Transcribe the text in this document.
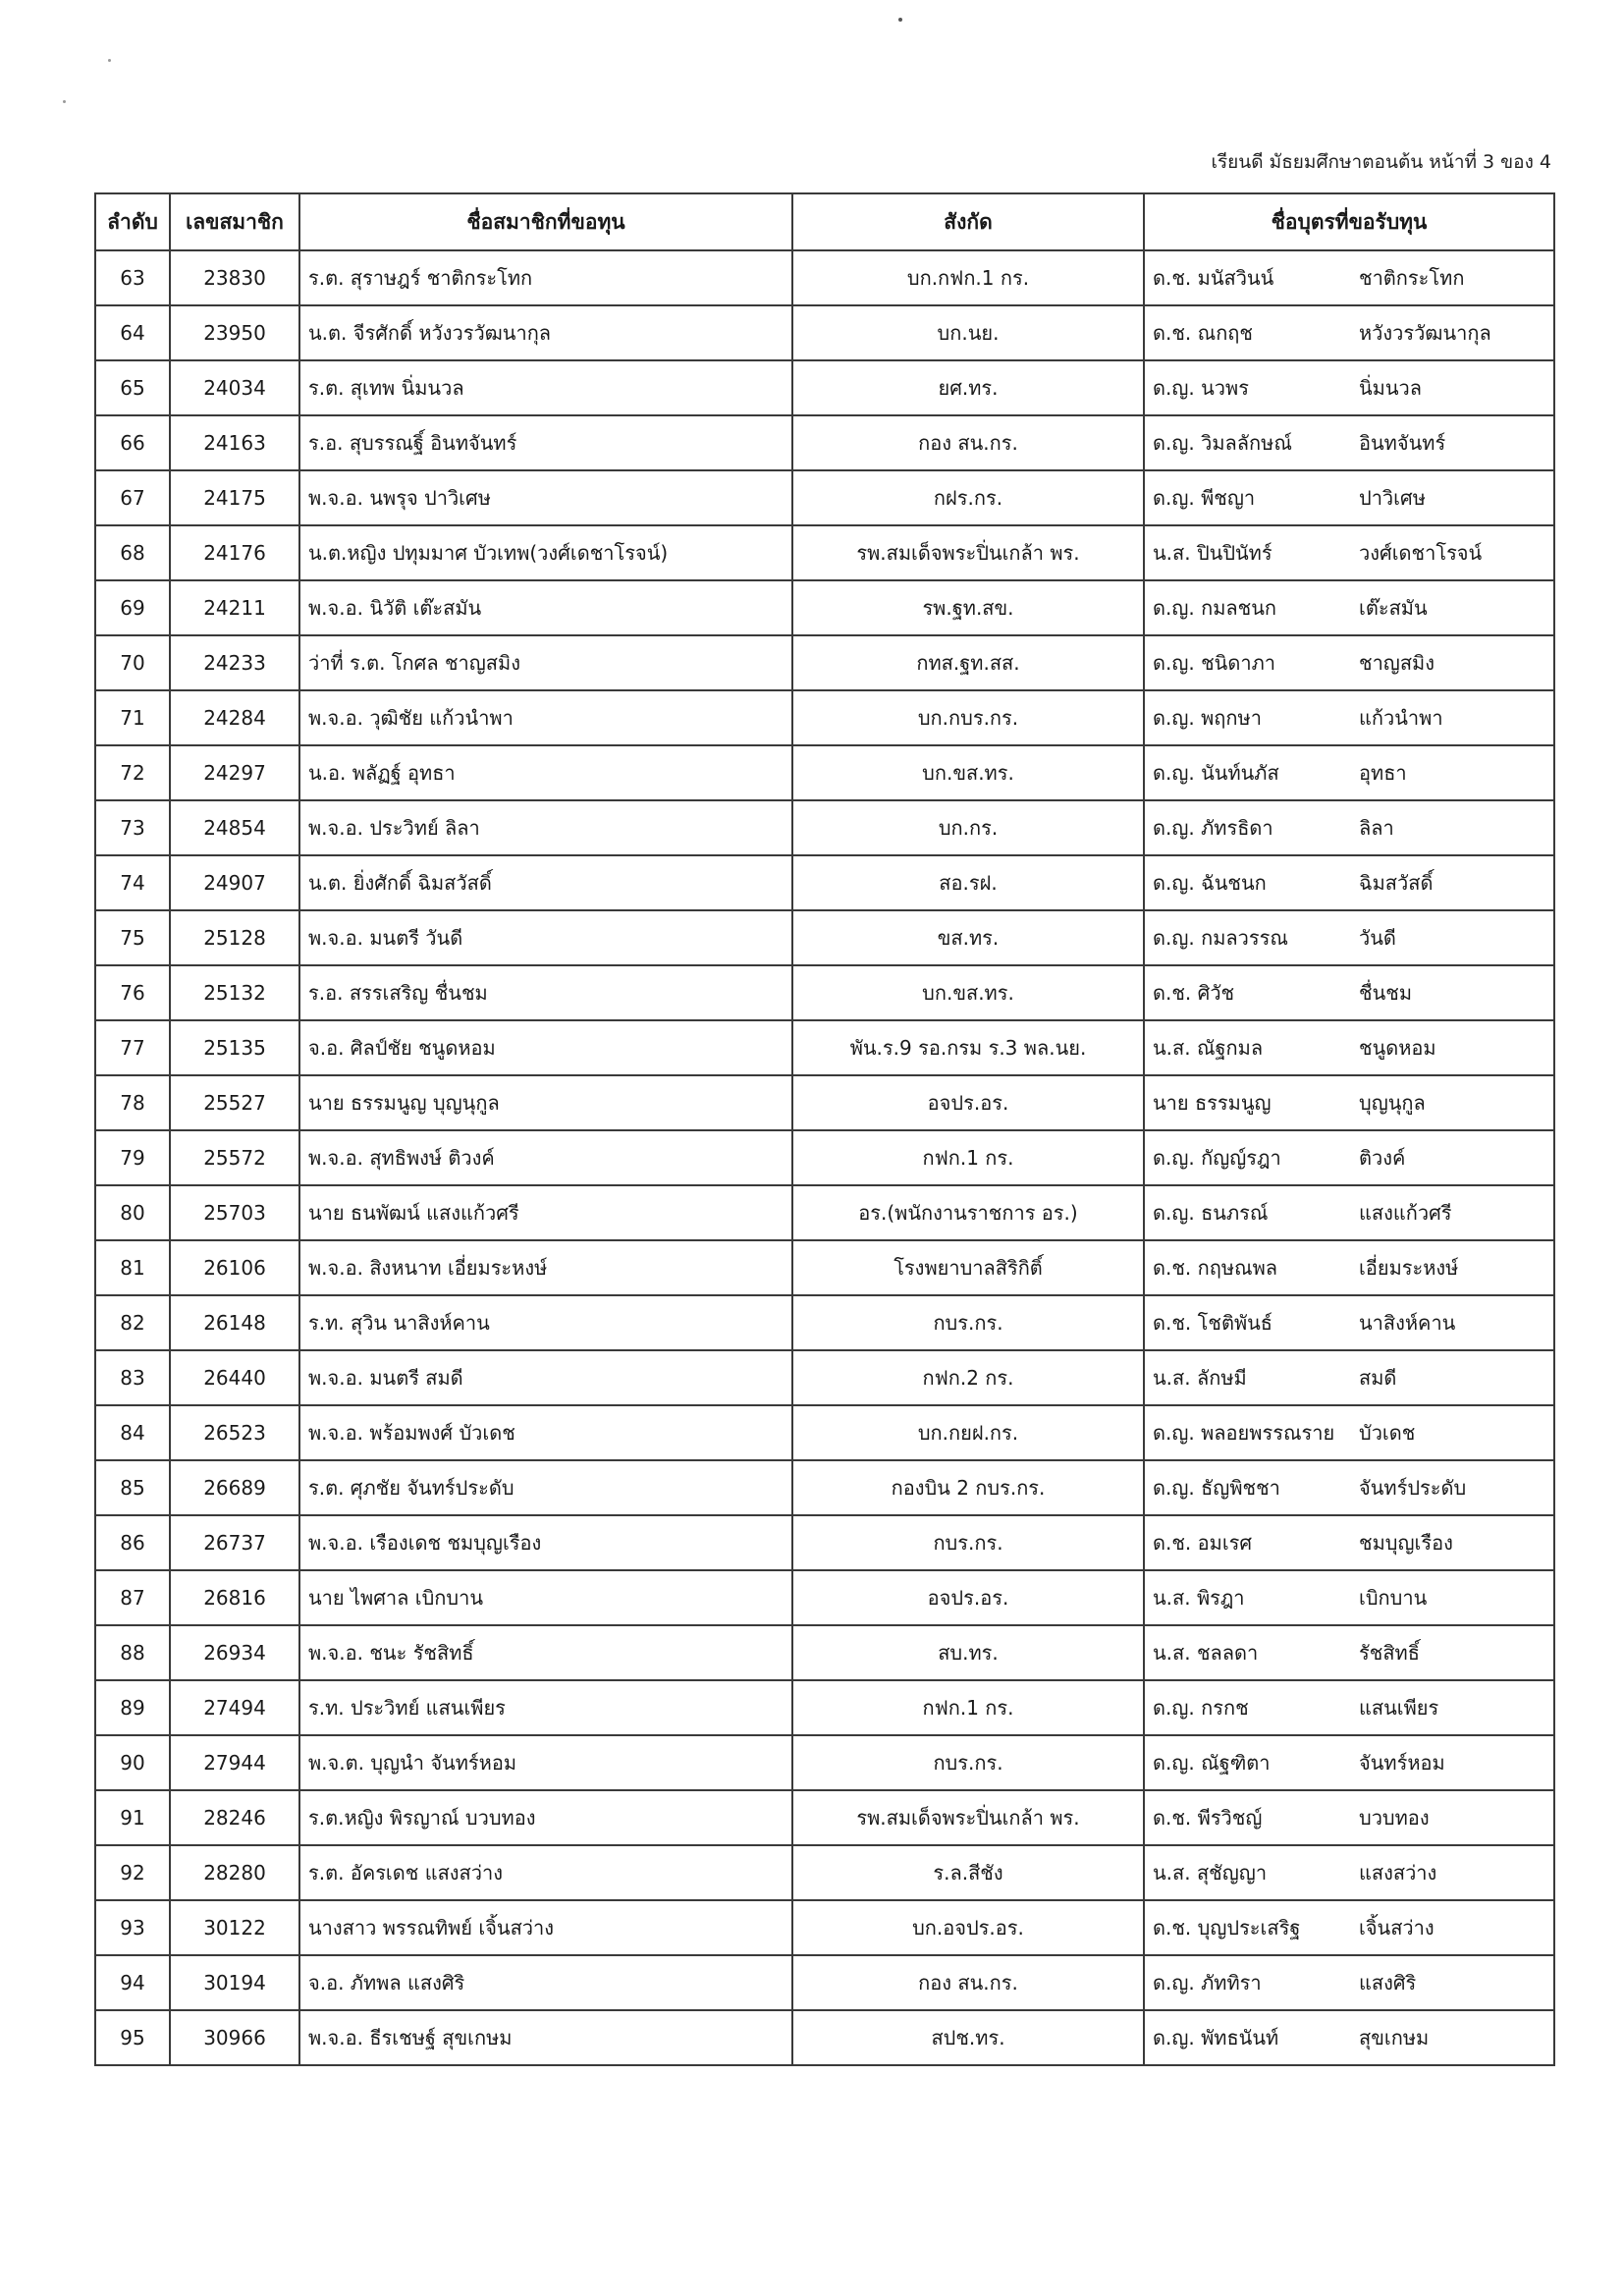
เรียนดี มัธยมศึกษาตอนต้น หน้าที่ 3 ของ 4
ลำดับ	เลขสมาชิก	ชื่อสมาชิกที่ขอทุน	สังกัด	ชื่อบุตรที่ขอรับทุน
63	23830	ร.ต. สุราษฎร์ ชาติกระโทก	บก.กฟก.1 กร.	ด.ช. มนัสวินน์ ชาติกระโทก

64	23950	น.ต. จีรศักดิ์ หวังวรวัฒนากุล	บก.นย.	ด.ช. ณกฤช หวังวรวัฒนากุล

65	24034	ร.ต. สุเทพ นิ่มนวล	ยศ.ทร.	ด.ญ. นวพร นิ่มนวล

66	24163	ร.อ. สุบรรณฐิ์ อินทจันทร์	กอง สน.กร.	ด.ญ. วิมลลักษณ์ อินทจันทร์

67	24175	พ.จ.อ. นพรุจ ปาวิเศษ	กฝร.กร.	ด.ญ. พีชญา ปาวิเศษ

68	24176	น.ต.หญิง ปทุมมาศ บัวเทพ(วงศ์เดชาโรจน์)	รพ.สมเด็จพระปิ่นเกล้า พร.	น.ส. ปินปินัทร์ วงศ์เดชาโรจน์

69	24211	พ.จ.อ. นิวัติ เต๊ะสมัน	รพ.ฐท.สข.	ด.ญ. กมลชนก เต๊ะสมัน

70	24233	ว่าที่ ร.ต. โกศล ชาญสมิง	กทส.ฐท.สส.	ด.ญ. ชนิดาภา ชาญสมิง

71	24284	พ.จ.อ. วุฒิชัย แก้วนำพา	บก.กบร.กร.	ด.ญ. พฤกษา แก้วนำพา

72	24297	น.อ. พลัฏฐ์ อุทธา	บก.ขส.ทร.	ด.ญ. นันท์นภัส อุทธา

73	24854	พ.จ.อ. ประวิทย์ ลิลา	บก.กร.	ด.ญ. ภัทรธิดา ลิลา

74	24907	น.ต. ยิ่งศักดิ์ ฉิมสวัสดิ์	สอ.รฝ.	ด.ญ. ฉันชนก ฉิมสวัสดิ์

75	25128	พ.จ.อ. มนตรี วันดี	ขส.ทร.	ด.ญ. กมลวรรณ วันดี

76	25132	ร.อ. สรรเสริญ ชื่นชม	บก.ขส.ทร.	ด.ช. ศิวัช ชื่นชม

77	25135	จ.อ. ศิลป์ชัย ชนูดหอม	พัน.ร.9 รอ.กรม ร.3 พล.นย.	น.ส. ณัฐกมล ชนูดหอม

78	25527	นาย ธรรมนูญ บุญนุกูล	อจปร.อร.	นาย ธรรมนูญ บุญนุกูล

79	25572	พ.จ.อ. สุทธิพงษ์ ติวงค์	กฟก.1 กร.	ด.ญ. กัญญ์รฎา ติวงค์

80	25703	นาย ธนพัฒน์ แสงแก้วศรี	อร.(พนักงานราชการ อร.)	ด.ญ. ธนภรณ์ แสงแก้วศรี

81	26106	พ.จ.อ. สิงหนาท เอี่ยมระหงษ์	โรงพยาบาลสิริกิติ์	ด.ช. กฤษณพล เอี่ยมระหงษ์

82	26148	ร.ท. สุวิน นาสิงห์คาน	กบร.กร.	ด.ช. โชติพันธ์ นาสิงห์คาน

83	26440	พ.จ.อ. มนตรี สมดี	กฟก.2 กร.	น.ส. ลักษมี สมดี

84	26523	พ.จ.อ. พร้อมพงศ์ บัวเดช	บก.กยฝ.กร.	ด.ญ. พลอยพรรณราย บัวเดช

85	26689	ร.ต. ศุภชัย จันทร์ประดับ	กองบิน 2 กบร.กร.	ด.ญ. ธัญพิชชา จันทร์ประดับ

86	26737	พ.จ.อ. เรืองเดช ชมบุญเรือง	กบร.กร.	ด.ช. อมเรศ ชมบุญเรือง

87	26816	นาย ไพศาล เบิกบาน	อจปร.อร.	น.ส. พิรฎา เบิกบาน

88	26934	พ.จ.อ. ชนะ รัชสิทธิ์	สบ.ทร.	น.ส. ชลลดา รัชสิทธิ์

89	27494	ร.ท. ประวิทย์ แสนเพียร	กฟก.1 กร.	ด.ญ. กรกช แสนเพียร

90	27944	พ.จ.ต. บุญนำ จันทร์หอม	กบร.กร.	ด.ญ. ณัฐฑิตา จันทร์หอม

91	28246	ร.ต.หญิง พิรญาณ์ บวบทอง	รพ.สมเด็จพระปิ่นเกล้า พร.	ด.ช. พีรวิชญ์ บวบทอง

92	28280	ร.ต. อัครเดช แสงสว่าง	ร.ล.สีชัง	น.ส. สุชัญญา แสงสว่าง

93	30122	นางสาว พรรณทิพย์ เจิ้นสว่าง	บก.อจปร.อร.	ด.ช. บุญประเสริฐ เจิ้นสว่าง

94	30194	จ.อ. ภัทพล แสงศิริ	กอง สน.กร.	ด.ญ. ภัททิรา แสงศิริ

95	30966	พ.จ.อ. ธีรเชษฐ์ สุขเกษม	สปช.ทร.	ด.ญ. พัทธนันท์ สุขเกษม
